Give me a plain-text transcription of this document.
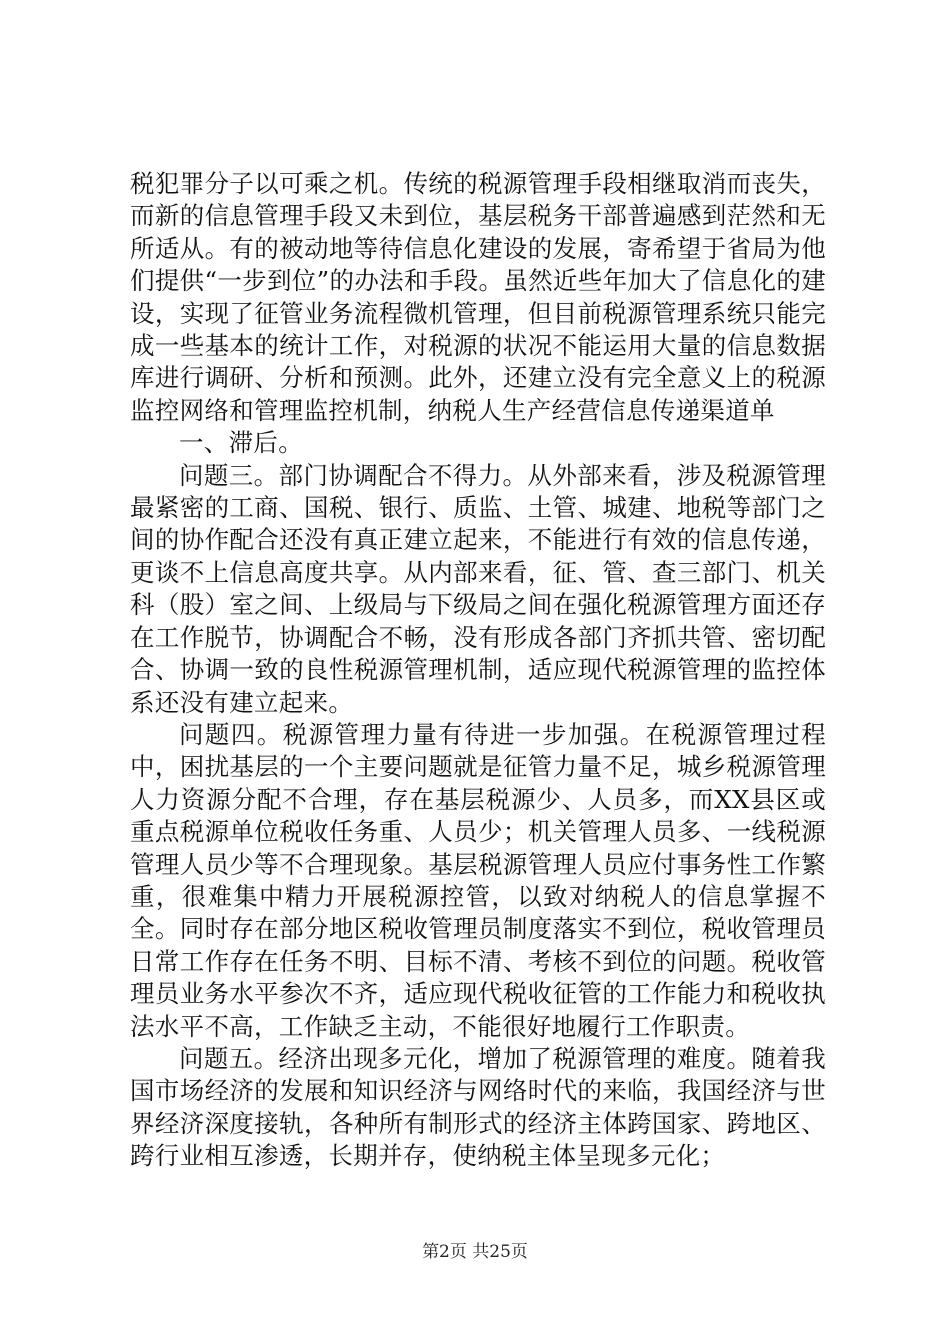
税犯罪分子以可乘之机。传统的税源管理手段相继取消而丧失，而新的信息管理手段又未到位，基层税务干部普遍感到茫然和无所适从。有的被动地等待信息化建设的发展，寄希望于省局为他们提供“一步到位”的办法和手段。虽然近些年加大了信息化的建设，实现了征管业务流程微机管理，但目前税源管理系统只能完成一些基本的统计工作，对税源的状况不能运用大量的信息数据库进行调研、分析和预测。此外，还建立没有完全意义上的税源监控网络和管理监控机制，纳税人生产经营信息传递渠道单

一、滞后。

问题三。部门协调配合不得力。从外部来看，涉及税源管理最紧密的工商、国税、银行、质监、土管、城建、地税等部门之间的协作配合还没有真正建立起来，不能进行有效的信息传递，更谈不上信息高度共享。从内部来看，征、管、查三部门、机关科（股）室之间、上级局与下级局之间在强化税源管理方面还存在工作脱节，协调配合不畅，没有形成各部门齐抓共管、密切配合、协调一致的良性税源管理机制，适应现代税源管理的监控体系还没有建立起来。

问题四。税源管理力量有待进一步加强。在税源管理过程中，困扰基层的一个主要问题就是征管力量不足，城乡税源管理人力资源分配不合理，存在基层税源少、人员多，而XX县区或重点税源单位税收任务重、人员少；机关管理人员多、一线税源管理人员少等不合理现象。基层税源管理人员应付事务性工作繁重，很难集中精力开展税源控管，以致对纳税人的信息掌握不全。同时存在部分地区税收管理员制度落实不到位，税收管理员日常工作存在任务不明、目标不清、考核不到位的问题。税收管理员业务水平参次不齐，适应现代税收征管的工作能力和税收执法水平不高，工作缺乏主动，不能很好地履行工作职责。

问题五。经济出现多元化，增加了税源管理的难度。随着我国市场经济的发展和知识经济与网络时代的来临，我国经济与世界经济深度接轨，各种所有制形式的经济主体跨国家、跨地区、跨行业相互渗透，长期并存，使纳税主体呈现多元化；

第2页 共25页
